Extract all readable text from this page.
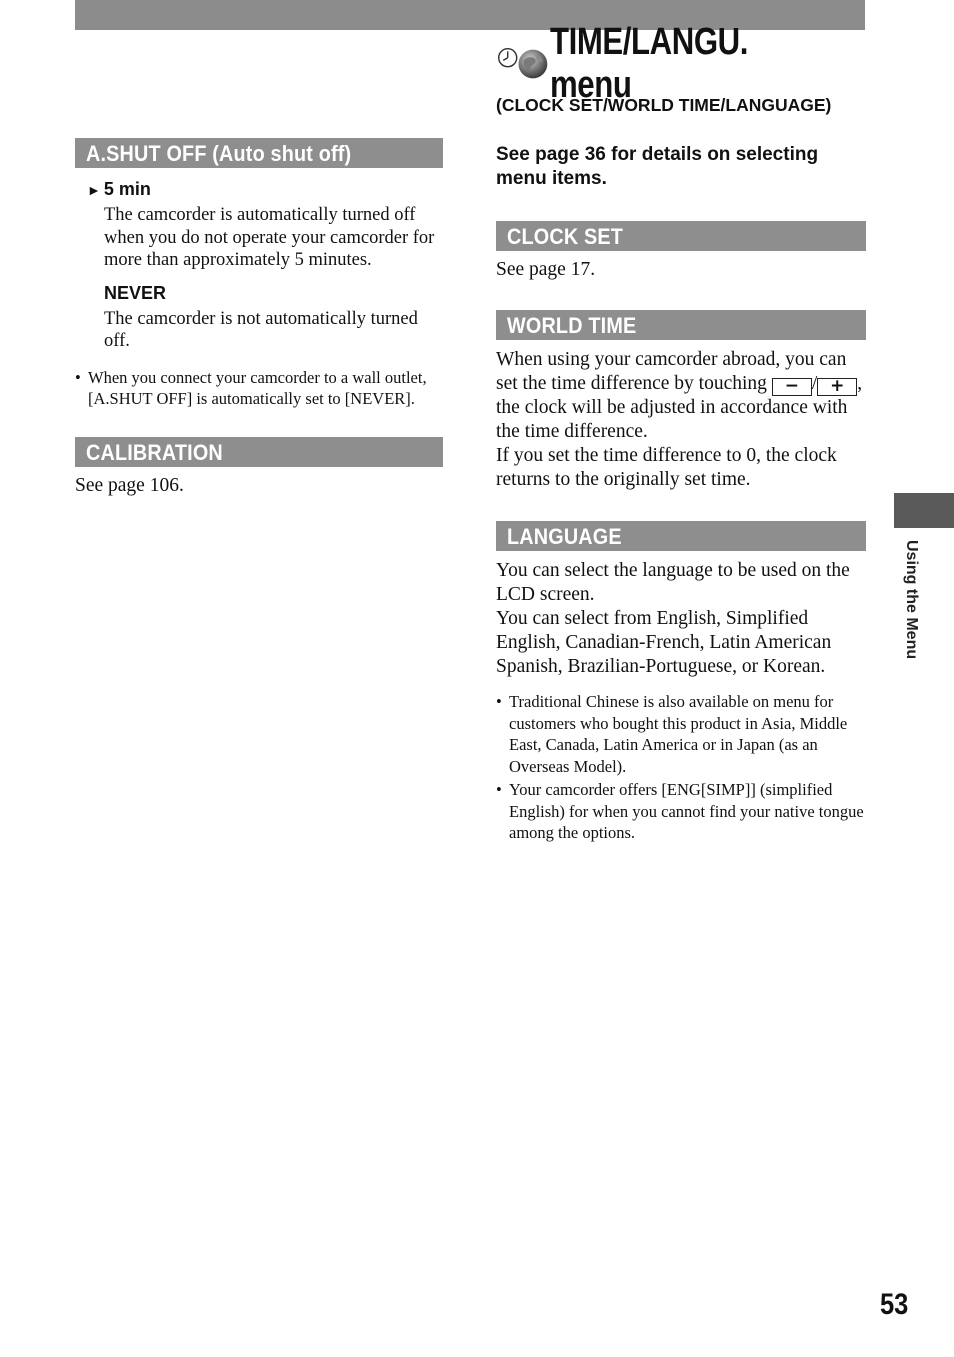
A.SHUT OFF (Auto shut off)
► 5 min
The camcorder is automatically turned off when you do not operate your camcorder for more than approximately 5 minutes.
NEVER
The camcorder is not automatically turned off.
• When you connect your camcorder to a wall outlet, [A.SHUT OFF] is automatically set to [NEVER].
CALIBRATION
See page 106.
TIME/LANGU. menu
(CLOCK SET/WORLD TIME/LANGUAGE)
See page 36 for details on selecting menu items.
CLOCK SET
See page 17.
WORLD TIME
When using your camcorder abroad, you can set the time difference by touching − / + , the clock will be adjusted in accordance with the time difference.
If you set the time difference to 0, the clock returns to the originally set time.
LANGUAGE
You can select the language to be used on the LCD screen.
You can select from English, Simplified English, Canadian-French, Latin American Spanish, Brazilian-Portuguese, or Korean.
• Traditional Chinese is also available on menu for customers who bought this product in Asia, Middle East, Canada, Latin America or in Japan (as an Overseas Model).
• Your camcorder offers [ENG[SIMP]] (simplified English) for when you cannot find your native tongue among the options.
Using the Menu
53
